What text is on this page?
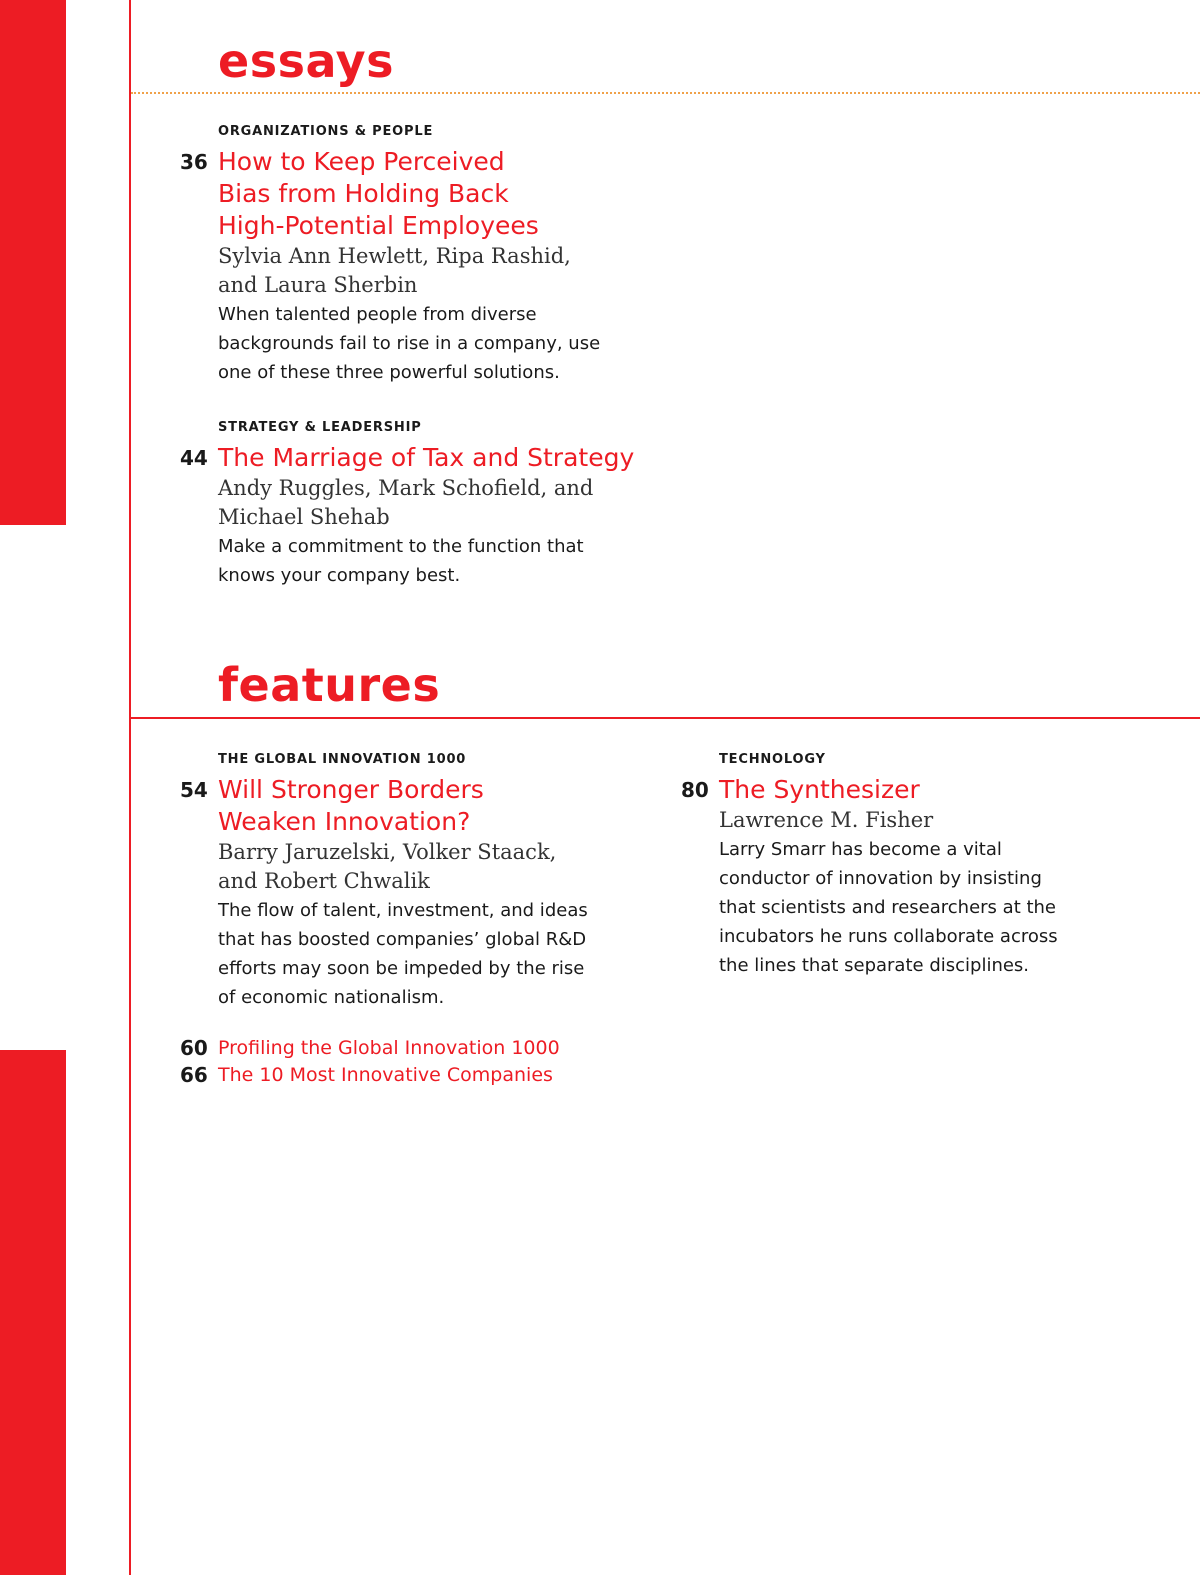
essays
ORGANIZATIONS & PEOPLE
36 How to Keep Perceived
Bias from Holding Back
High-Potential Employees
Sylvia Ann Hewlett, Ripa Rashid,
and Laura Sherbin
When talented people from diverse
backgrounds fail to rise in a company, use
one of these three powerful solutions.
STRATEGY & LEADERSHIP
44 The Marriage of Tax and Strategy
Andy Ruggles, Mark Schofield, and
Michael Shehab
Make a commitment to the function that
knows your company best.
features
THE GLOBAL INNOVATION 1000
54 Will Stronger Borders
Weaken Innovation?
Barry Jaruzelski, Volker Staack,
and Robert Chwalik
The flow of talent, investment, and ideas
that has boosted companies’ global R&D
efforts may soon be impeded by the rise
of economic nationalism.
TECHNOLOGY
80 The Synthesizer
Lawrence M. Fisher
Larry Smarr has become a vital
conductor of innovation by insisting
that scientists and researchers at the
incubators he runs collaborate across
the lines that separate disciplines.
60 Profiling the Global Innovation 1000
66 The 10 Most Innovative Companies
